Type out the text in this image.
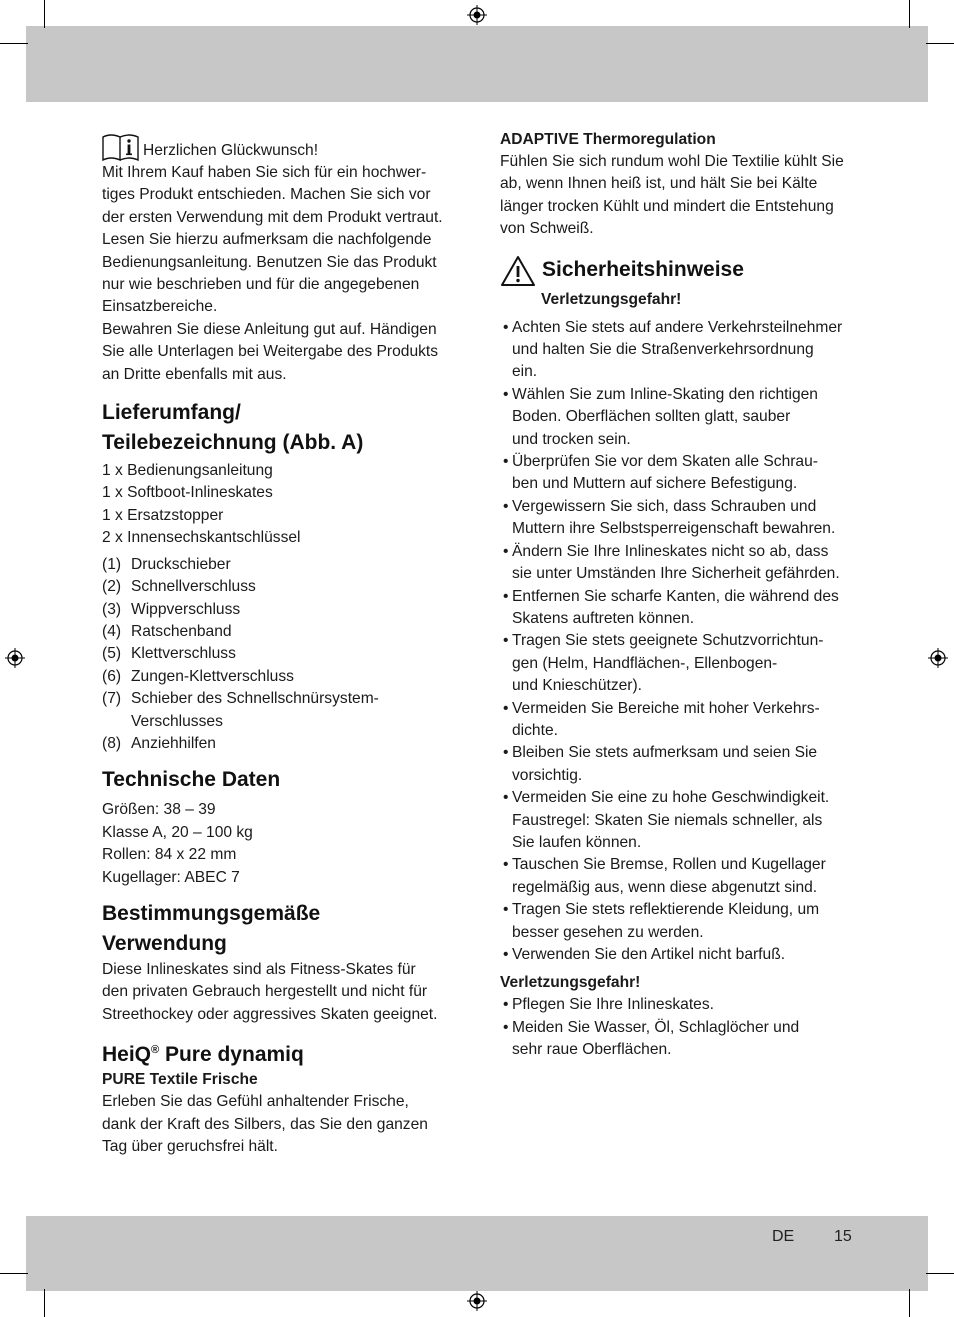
DE 15
Herzlichen Glückwunsch!
Mit Ihrem Kauf haben Sie sich für ein hochwer-
tiges Produkt entschieden. Machen Sie sich vor
der ersten Verwendung mit dem Produkt vertraut.
Lesen Sie hierzu aufmerksam die nachfolgende
Bedienungsanleitung. Benutzen Sie das Produkt
nur wie beschrieben und für die angegebenen
Einsatzbereiche.
Bewahren Sie diese Anleitung gut auf. Händigen
Sie alle Unterlagen bei Weitergabe des Produkts
an Dritte ebenfalls mit aus.
Lieferumfang/
Teilebezeichnung (Abb. A)
1 x Bedienungsanleitung
1 x Softboot-Inlineskates
1 x Ersatzstopper
2 x Innensechskantschlüssel
(1) Druckschieber
(2) Schnellverschluss
(3) Wippverschluss
(4) Ratschenband
(5) Klettverschluss
(6) Zungen-Klettverschluss
(7) Schieber des Schnellschnürsystem-
Verschlusses
(8) Anziehhilfen
Technische Daten
Größen: 38 – 39
Klasse A, 20 – 100 kg
Rollen: 84 x 22 mm
Kugellager: ABEC 7
Bestimmungsgemäße
Verwendung
Diese Inlineskates sind als Fitness-Skates für
den privaten Gebrauch hergestellt und nicht für
Streethockey oder aggressives Skaten geeignet.
HeiQ® Pure dynamiq
PURE Textile Frische
Erleben Sie das Gefühl anhaltender Frische,
dank der Kraft des Silbers, das Sie den ganzen
Tag über geruchsfrei hält.
ADAPTIVE Thermoregulation
Fühlen Sie sich rundum wohl Die Textilie kühlt Sie
ab, wenn Ihnen heiß ist, und hält Sie bei Kälte
länger trocken Kühlt und mindert die Entstehung
von Schweiß.
Sicherheitshinweise
Verletzungsgefahr!
• Achten Sie stets auf andere Verkehrsteilnehmer
und halten Sie die Straßenverkehrsordnung
ein.
• Wählen Sie zum Inline-Skating den richtigen
Boden. Oberflächen sollten glatt, sauber
und trocken sein.
• Überprüfen Sie vor dem Skaten alle Schrau-
ben und Muttern auf sichere Befestigung.
• Vergewissern Sie sich, dass Schrauben und
Muttern ihre Selbstsperreigenschaft bewahren.
• Ändern Sie Ihre Inlineskates nicht so ab, dass
sie unter Umständen Ihre Sicherheit gefährden.
• Entfernen Sie scharfe Kanten, die während des
Skatens auftreten können.
• Tragen Sie stets geeignete Schutzvorrichtun-
gen (Helm, Handflächen-, Ellenbogen-
und Knieschützer).
• Vermeiden Sie Bereiche mit hoher Verkehrs-
dichte.
• Bleiben Sie stets aufmerksam und seien Sie
vorsichtig.
• Vermeiden Sie eine zu hohe Geschwindigkeit.
Faustregel: Skaten Sie niemals schneller, als
Sie laufen können.
• Tauschen Sie Bremse, Rollen und Kugellager
regelmäßig aus, wenn diese abgenutzt sind.
• Tragen Sie stets reflektierende Kleidung, um
besser gesehen zu werden.
• Verwenden Sie den Artikel nicht barfuß.
Verletzungsgefahr!
• Pflegen Sie Ihre Inlineskates.
• Meiden Sie Wasser, Öl, Schlaglöcher und
sehr raue Oberflächen.
